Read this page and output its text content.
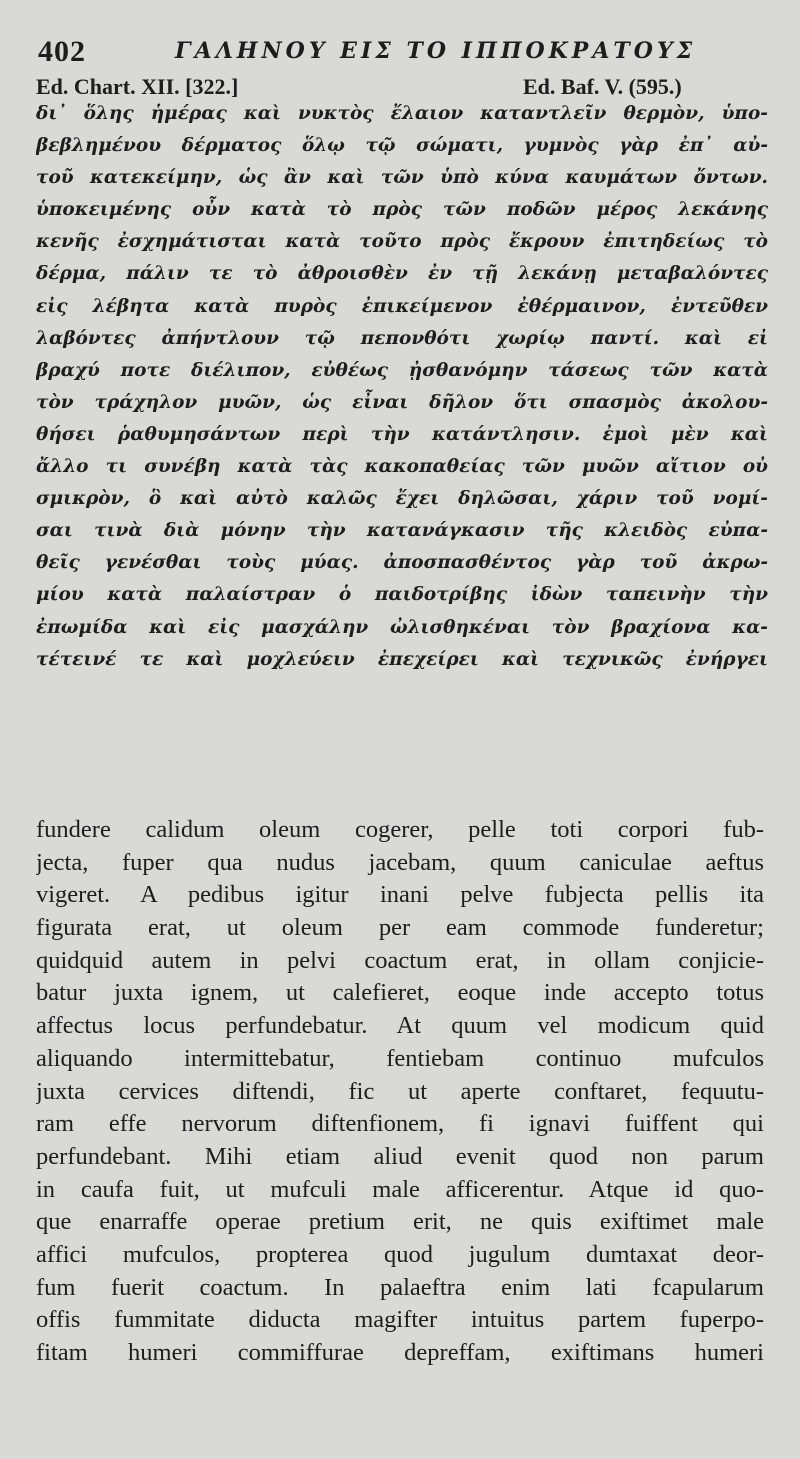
402	ΓΑΛΗΝΟΥ ΕΙΣ ΤΟ ΙΠΠΟΚΡΑΤΟΥΣ
Ed. Chart. XII. [322.]	Ed. Baf. V. (595.)
δι᾽ ὅλης ἡμέρας καὶ νυκτὸς ἔλαιον καταντλεῖν θερμὸν, ὑπο-
βεβλημένου δέρματος ὅλῳ τῷ σώματι, γυμνὸς γὰρ ἐπ᾽ αὐ-
τοῦ κατεκείμην, ὡς ἂν καὶ τῶν ὑπὸ κύνα καυμάτων ὄντων.
ὑποκειμένης οὖν κατὰ τὸ πρὸς τῶν ποδῶν μέρος λεκάνης
κενῆς ἐσχημάτισται κατὰ τοῦτο πρὸς ἔκρουν ἐπιτηδείως τὸ
δέρμα, πάλιν τε τὸ ἀθροισθὲν ἐν τῇ λεκάνῃ μεταβαλόντες
εἰς λέβητα κατὰ πυρὸς ἐπικείμενον ἐθέρμαινον, ἐντεῦθεν
λαβόντες ἀπήντλουν τῷ πεπονθότι χωρίῳ παντί. καὶ εἰ
βραχύ ποτε διέλιπον, εὐθέως ᾐσθανόμην τάσεως τῶν κατὰ
τὸν τράχηλον μυῶν, ὡς εἶναι δῆλον ὅτι σπασμὸς ἀκολου-
θήσει ῥαθυμησάντων περὶ τὴν κατάντλησιν. ἐμοὶ μὲν καὶ
ἄλλο τι συνέβη κατὰ τὰς κακοπαθείας τῶν μυῶν αἴτιον οὐ
σμικρὸν, ὃ καὶ αὐτὸ καλῶς ἔχει δηλῶσαι, χάριν τοῦ νομί-
σαι τινὰ διὰ μόνην τὴν κατανάγκασιν τῆς κλειδὸς εὐπα-
θεῖς γενέσθαι τοὺς μύας. ἀποσπασθέντος γὰρ τοῦ ἀκρω-
μίου κατὰ παλαίστραν ὁ παιδοτρίβης ἰδὼν ταπεινὴν τὴν
ἐπωμίδα καὶ εἰς μασχάλην ὠλισθηκέναι τὸν βραχίονα κα-
τέτεινέ τε καὶ μοχλεύειν ἐπεχείρει καὶ τεχνικῶς ἐνήργει
fundere calidum oleum cogerer, pelle toti corpori fub-
jecta, fuper qua nudus jacebam, quum caniculae aeftus
vigeret. A pedibus igitur inani pelve fubjecta pellis ita
figurata erat, ut oleum per eam commode funderetur;
quidquid autem in pelvi coactum erat, in ollam conjicie-
batur juxta ignem, ut calefieret, eoque inde accepto totus
affectus locus perfundebatur. At quum vel modicum quid
aliquando intermittebatur, fentiebam continuo mufculos
juxta cervices diftendi, fic ut aperte conftaret, fequutu-
ram effe nervorum diftenfionem, fi ignavi fuiffent qui
perfundebant. Mihi etiam aliud evenit quod non parum
in caufa fuit, ut mufculi male afficerentur. Atque id quo-
que enarraffe operae pretium erit, ne quis exiftimet male
affici mufculos, propterea quod jugulum dumtaxat deor-
fum fuerit coactum. In palaeftra enim lati fcapularum
offis fummitate diducta magifter intuitus partem fuperpo-
fitam humeri commiffurae depreffam, exiftimans humeri
